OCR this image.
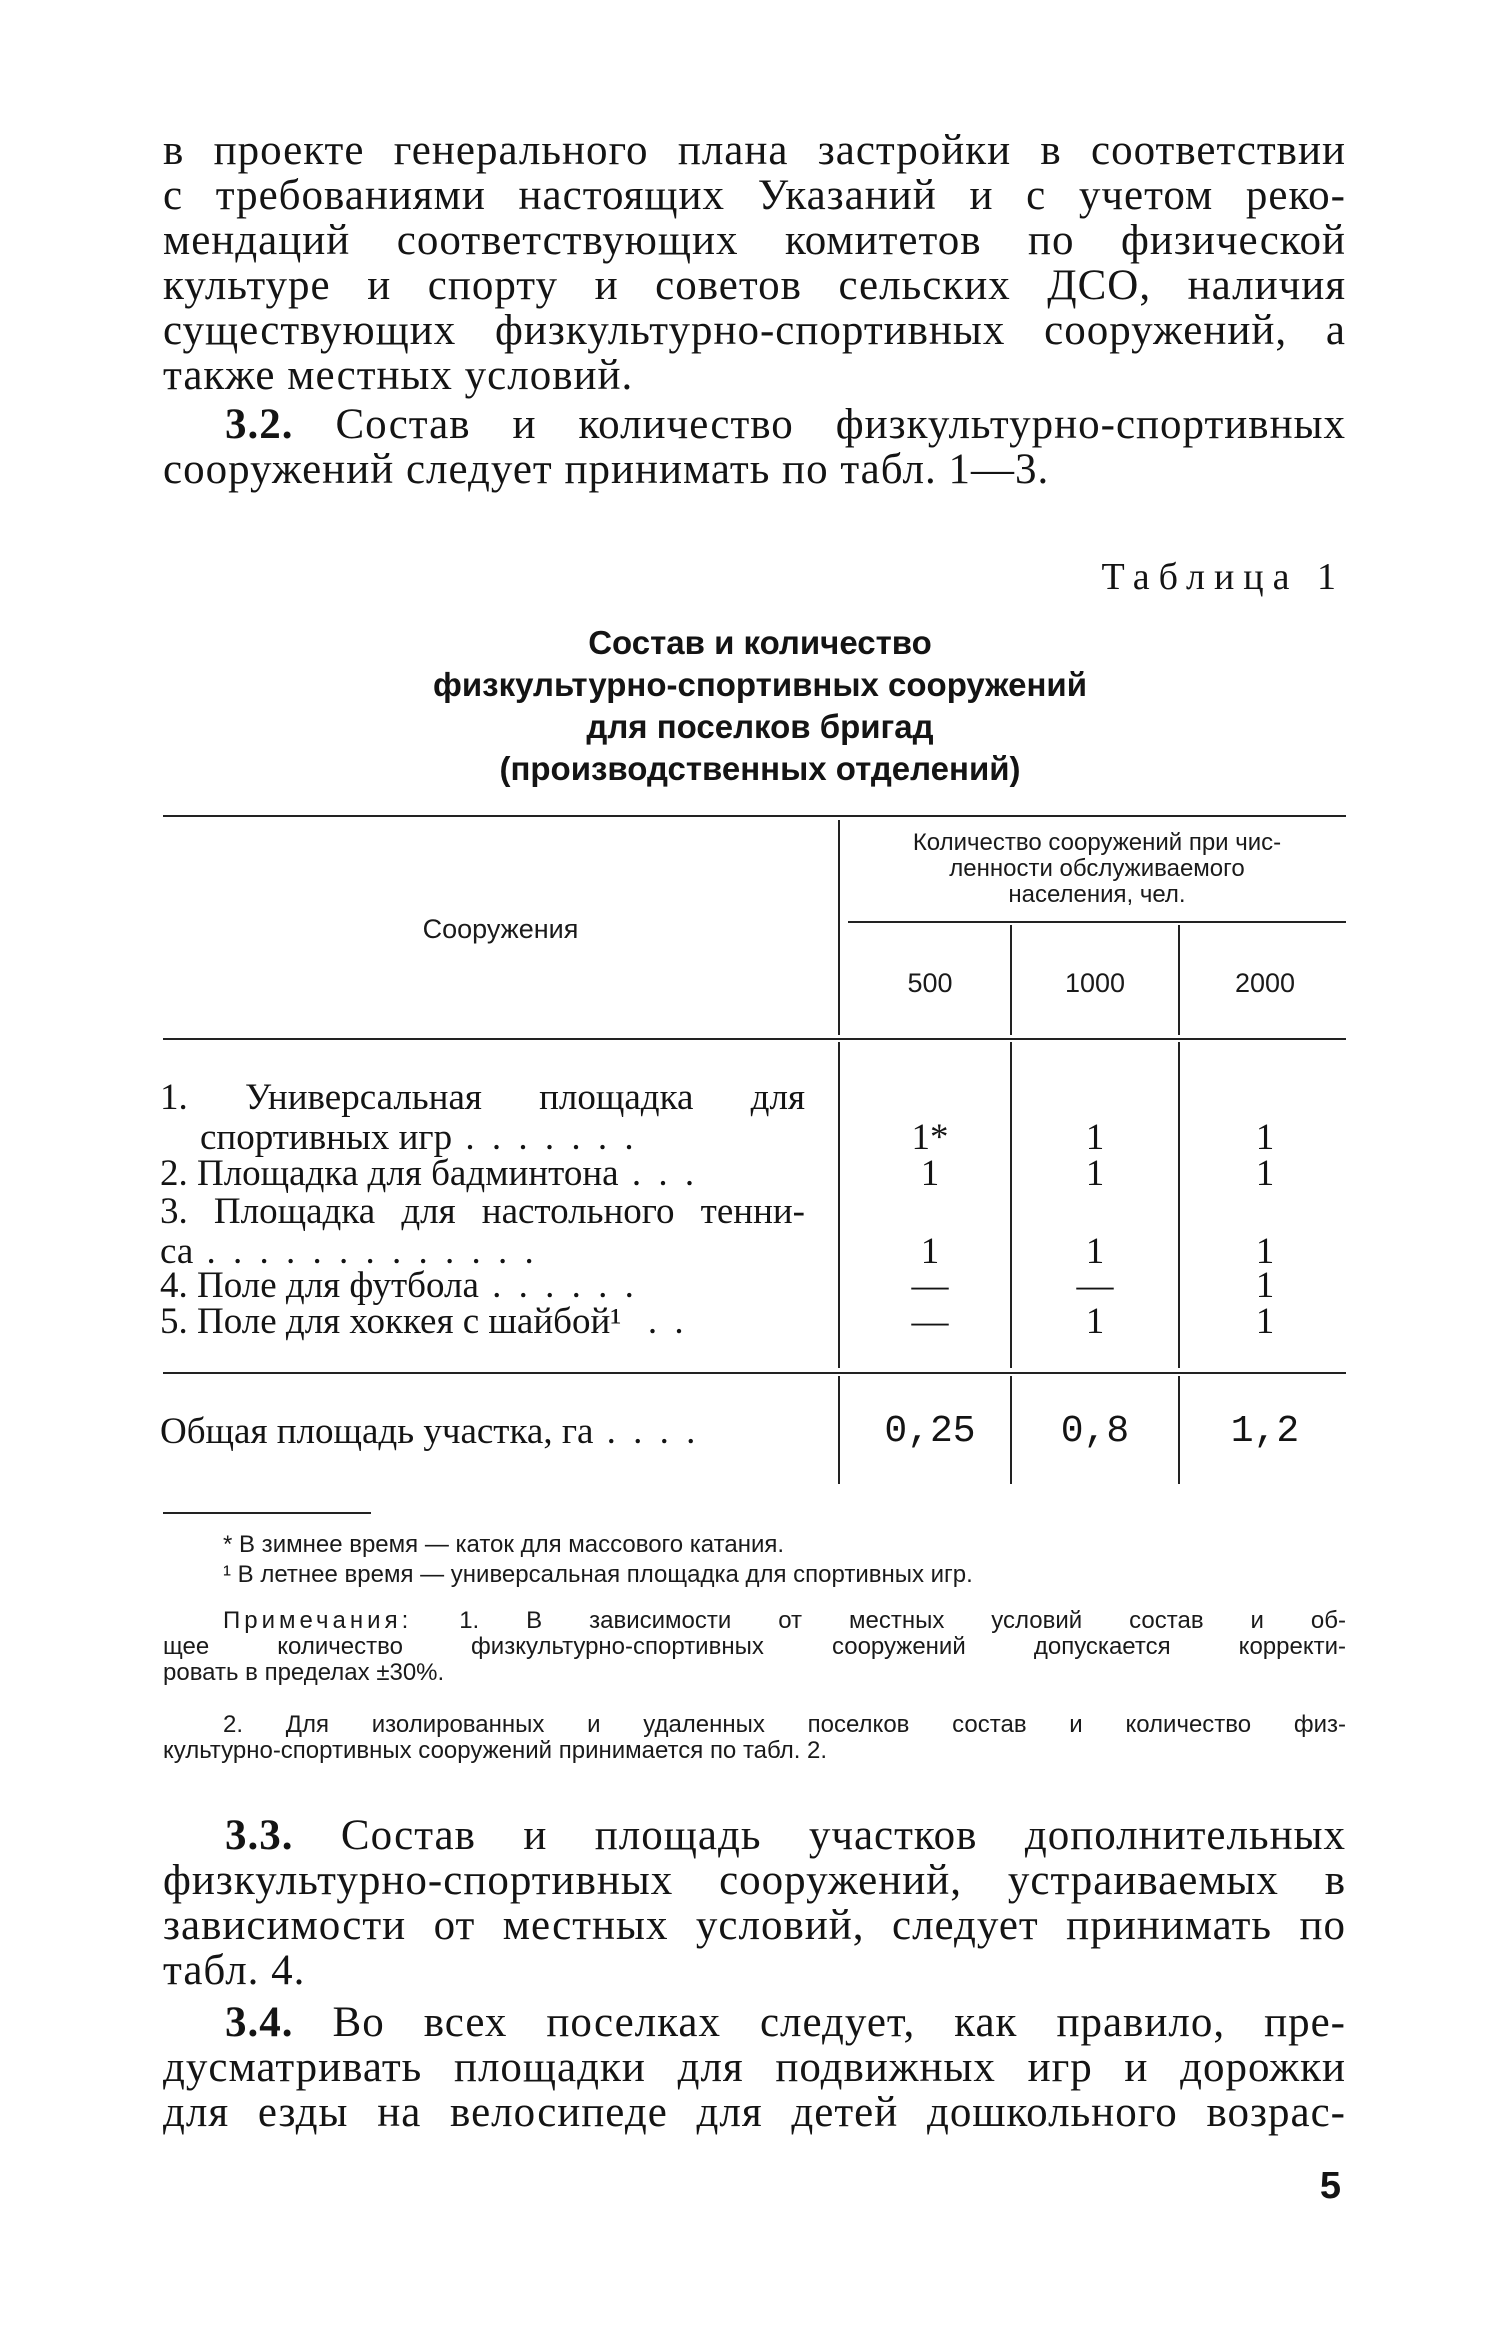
в проекте генерального плана застройки в соответствии
с требованиями настоящих Указаний и с учетом реко-
мендаций соответствующих комитетов по физической
культуре и спорту и советов сельских ДСО, наличия
существующих физкультурно-спортивных сооружений, а
также местных условий.
3.2. Состав и количество физкультурно-спортивных
сооружений следует принимать по табл. 1—3.
Таблица 1
Состав и количество
физкультурно-спортивных сооружений
для поселков бригад
(производственных отделений)
Сооружения
Количество сооружений при чис-
ленности обслуживаемого
населения, чел.
500	1000	2000
1. Универсальная площадка для
спортивных игр . . . . . . .	1*	1	1
2. Площадка для бадминтона . . .	1	1	1
3. Площадка для настольного тенни-
са . . . . . . . . . . . . .	1	1	1
4. Поле для футбола . . . . . .	—	—	1
5. Поле для хоккея с шайбой¹  . .	—	1	1
Общая площадь участка, га . . . .	0,25	0,8	1,2
* В зимнее время — каток для массового катания.
¹ В летнее время — универсальная площадка для спортивных игр.
Примечания: 1. В зависимости от местных условий состав и об-
щее количество физкультурно-спортивных сооружений допускается корректи-
ровать в пределах ±30%.
2. Для изолированных и удаленных поселков состав и количество физ-
культурно-спортивных сооружений принимается по табл. 2.
3.3. Состав и площадь участков дополнительных
физкультурно-спортивных сооружений, устраиваемых в
зависимости от местных условий, следует принимать по
табл. 4.
3.4. Во всех поселках следует, как правило, пре-
дусматривать площадки для подвижных игр и дорожки
для езды на велосипеде для детей дошкольного возрас-
5
